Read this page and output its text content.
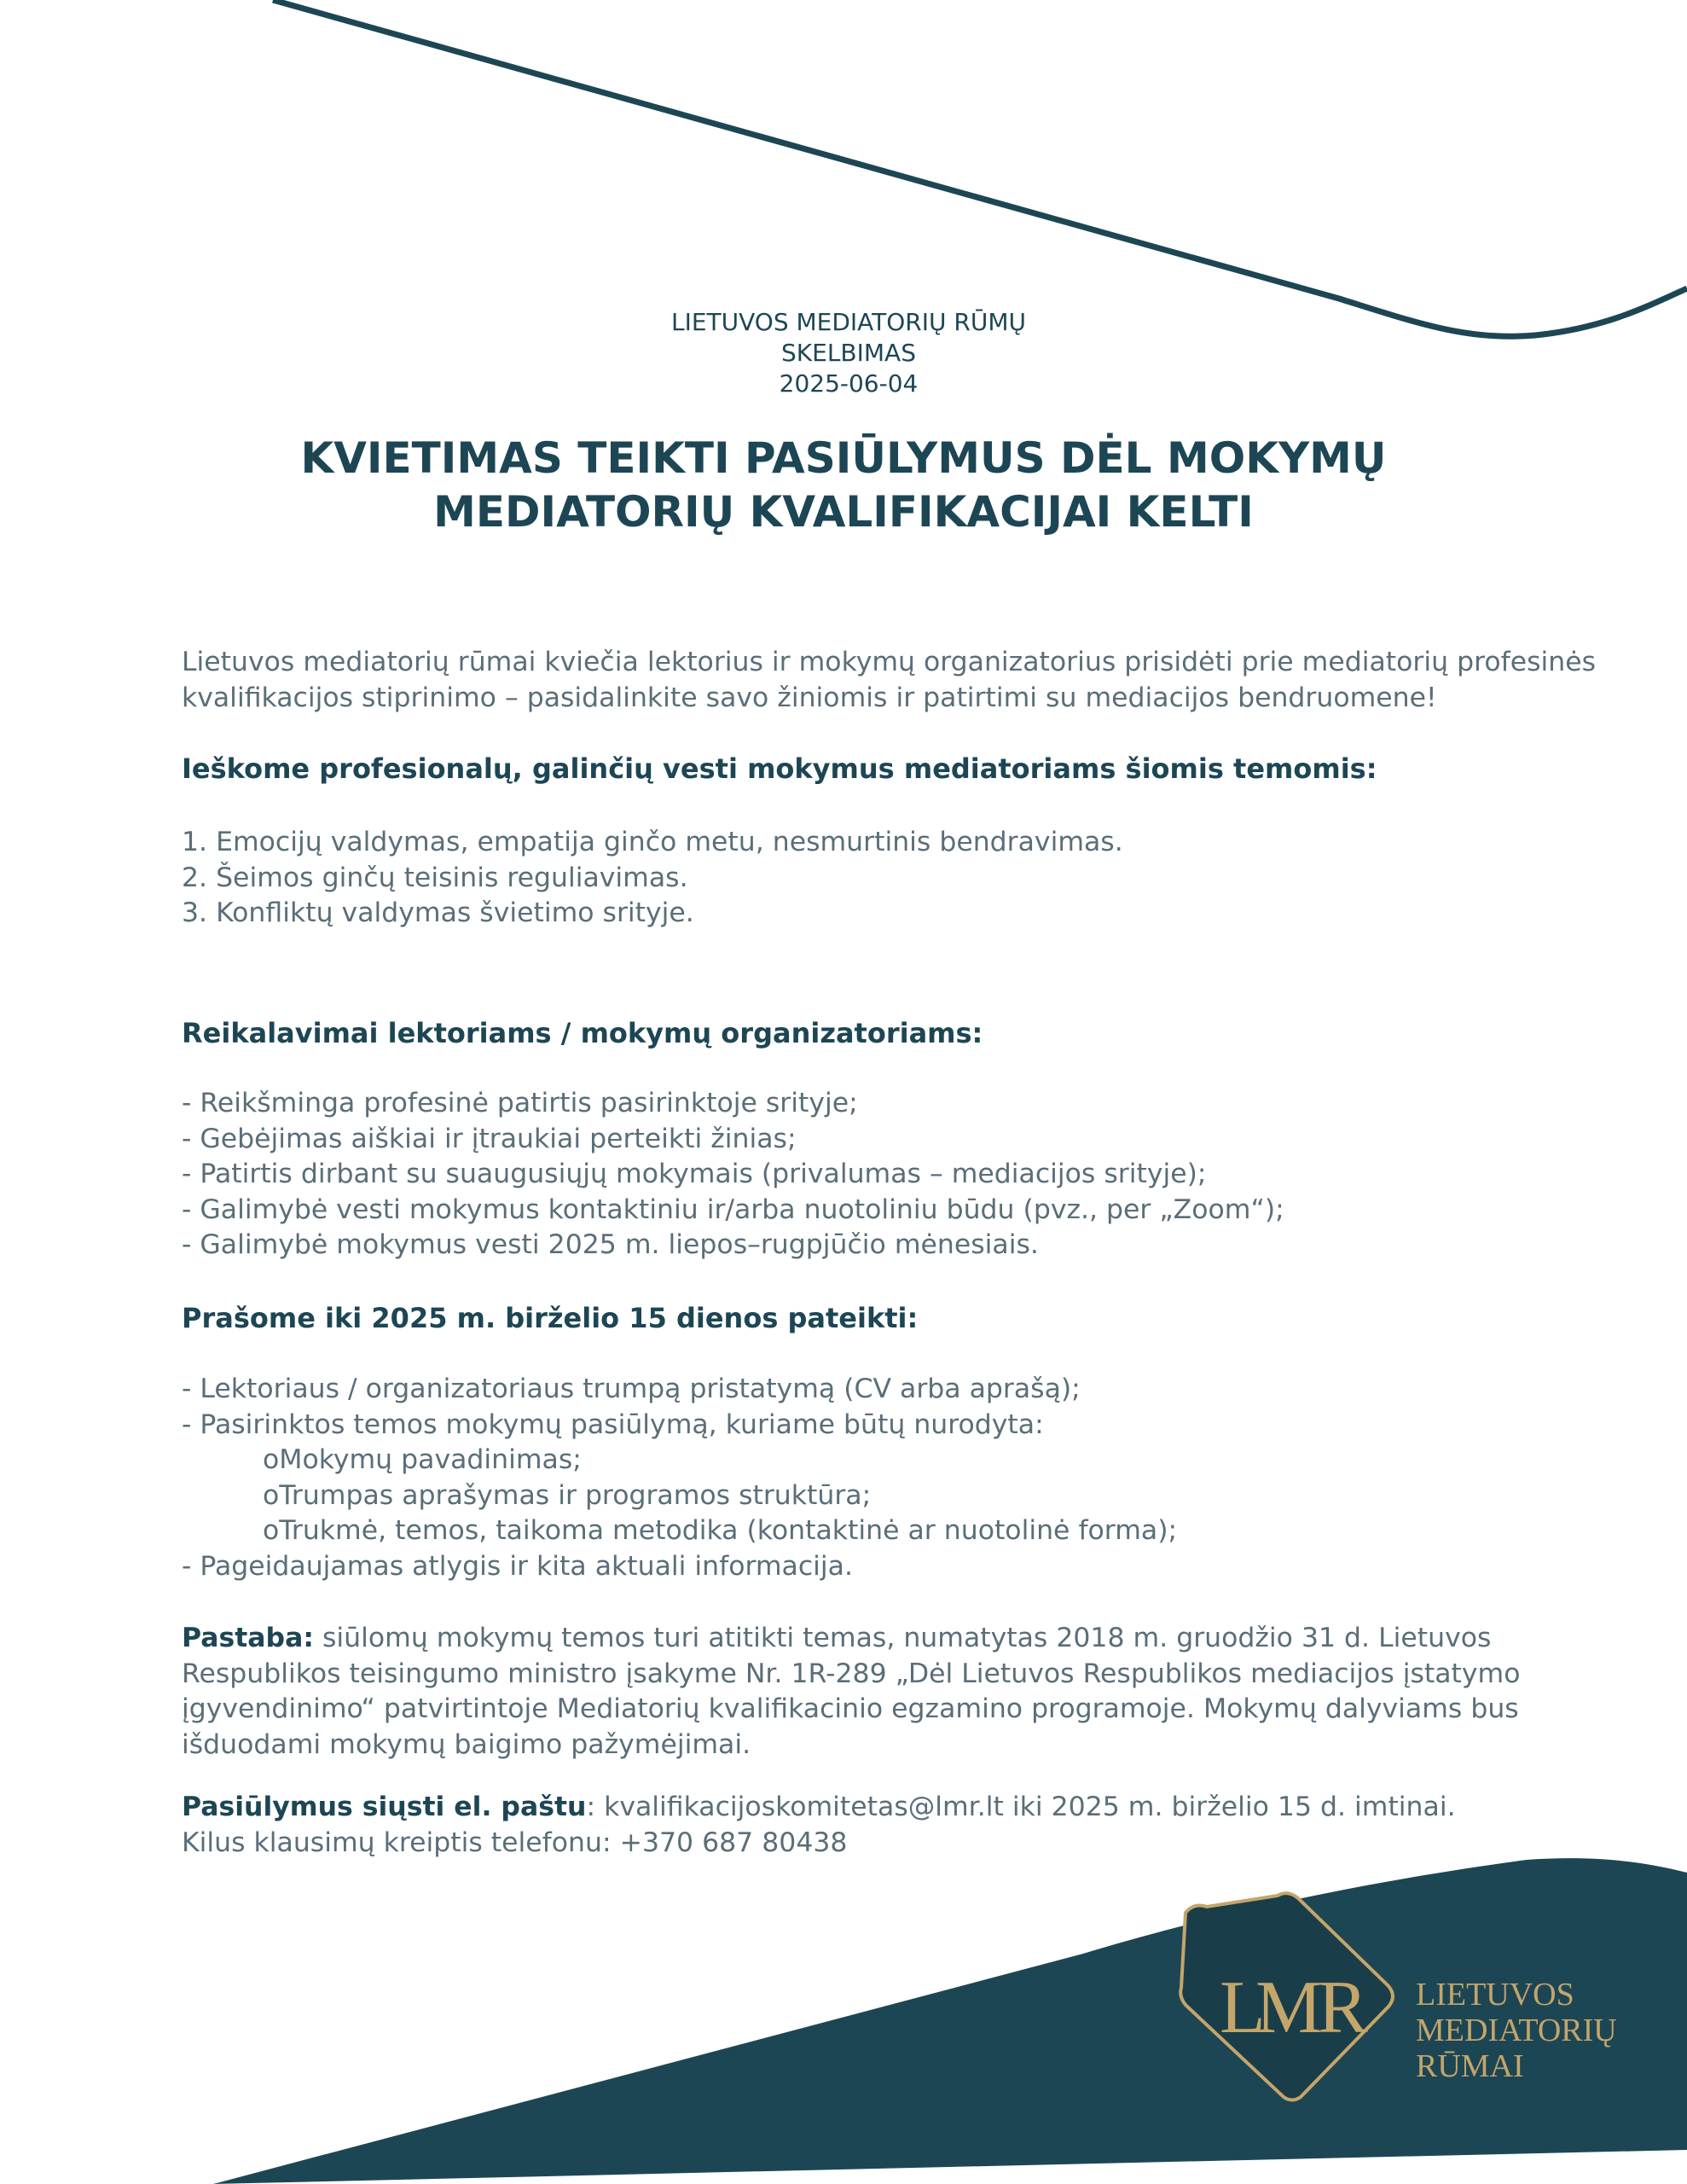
L
M
R LIETUVOS
MEDIATORIŲ
RŪMAI
LIETUVOS MEDIATORIŲ RŪMŲ
SKELBIMAS
2025-06-04
KVIETIMAS TEIKTI PASIŪLYMUS DĖL MOKYMŲ
MEDIATORIŲ KVALIFIKACIJAI KELTI
Lietuvos mediatorių rūmai kviečia lektorius ir mokymų organizatorius prisidėti prie mediatorių profesinės
kvalifikacijos stiprinimo – pasidalinkite savo žiniomis ir patirtimi su mediacijos bendruomene!
Ieškome profesionalų, galinčių vesti mokymus mediatoriams šiomis temomis:
1. Emocijų valdymas, empatija ginčo metu, nesmurtinis bendravimas.
2. Šeimos ginčų teisinis reguliavimas.
3. Konfliktų valdymas švietimo srityje.
Reikalavimai lektoriams / mokymų organizatoriams:
- Reikšminga profesinė patirtis pasirinktoje srityje;
- Gebėjimas aiškiai ir įtraukiai perteikti žinias;
- Patirtis dirbant su suaugusiųjų mokymais (privalumas – mediacijos srityje);
- Galimybė vesti mokymus kontaktiniu ir/arba nuotoliniu būdu (pvz., per „Zoom“);
- Galimybė mokymus vesti 2025 m. liepos–rugpjūčio mėnesiais.
Prašome iki 2025 m. birželio 15 dienos pateikti:
- Lektoriaus / organizatoriaus trumpą pristatymą (CV arba aprašą);
- Pasirinktos temos mokymų pasiūlymą, kuriame būtų nurodyta:
oMokymų pavadinimas;
oTrumpas aprašymas ir programos struktūra;
oTrukmė, temos, taikoma metodika (kontaktinė ar nuotolinė forma);
- Pageidaujamas atlygis ir kita aktuali informacija.
Pastaba: siūlomų mokymų temos turi atitikti temas, numatytas 2018 m. gruodžio 31 d. Lietuvos
Respublikos teisingumo ministro įsakyme Nr. 1R-289 „Dėl Lietuvos Respublikos mediacijos įstatymo
įgyvendinimo“ patvirtintoje Mediatorių kvalifikacinio egzamino programoje. Mokymų dalyviams bus
išduodami mokymų baigimo pažymėjimai.
Pasiūlymus siųsti el. paštu: kvalifikacijoskomitetas@lmr.lt iki 2025 m. birželio 15 d. imtinai.
Kilus klausimų kreiptis telefonu: +370 687 80438
